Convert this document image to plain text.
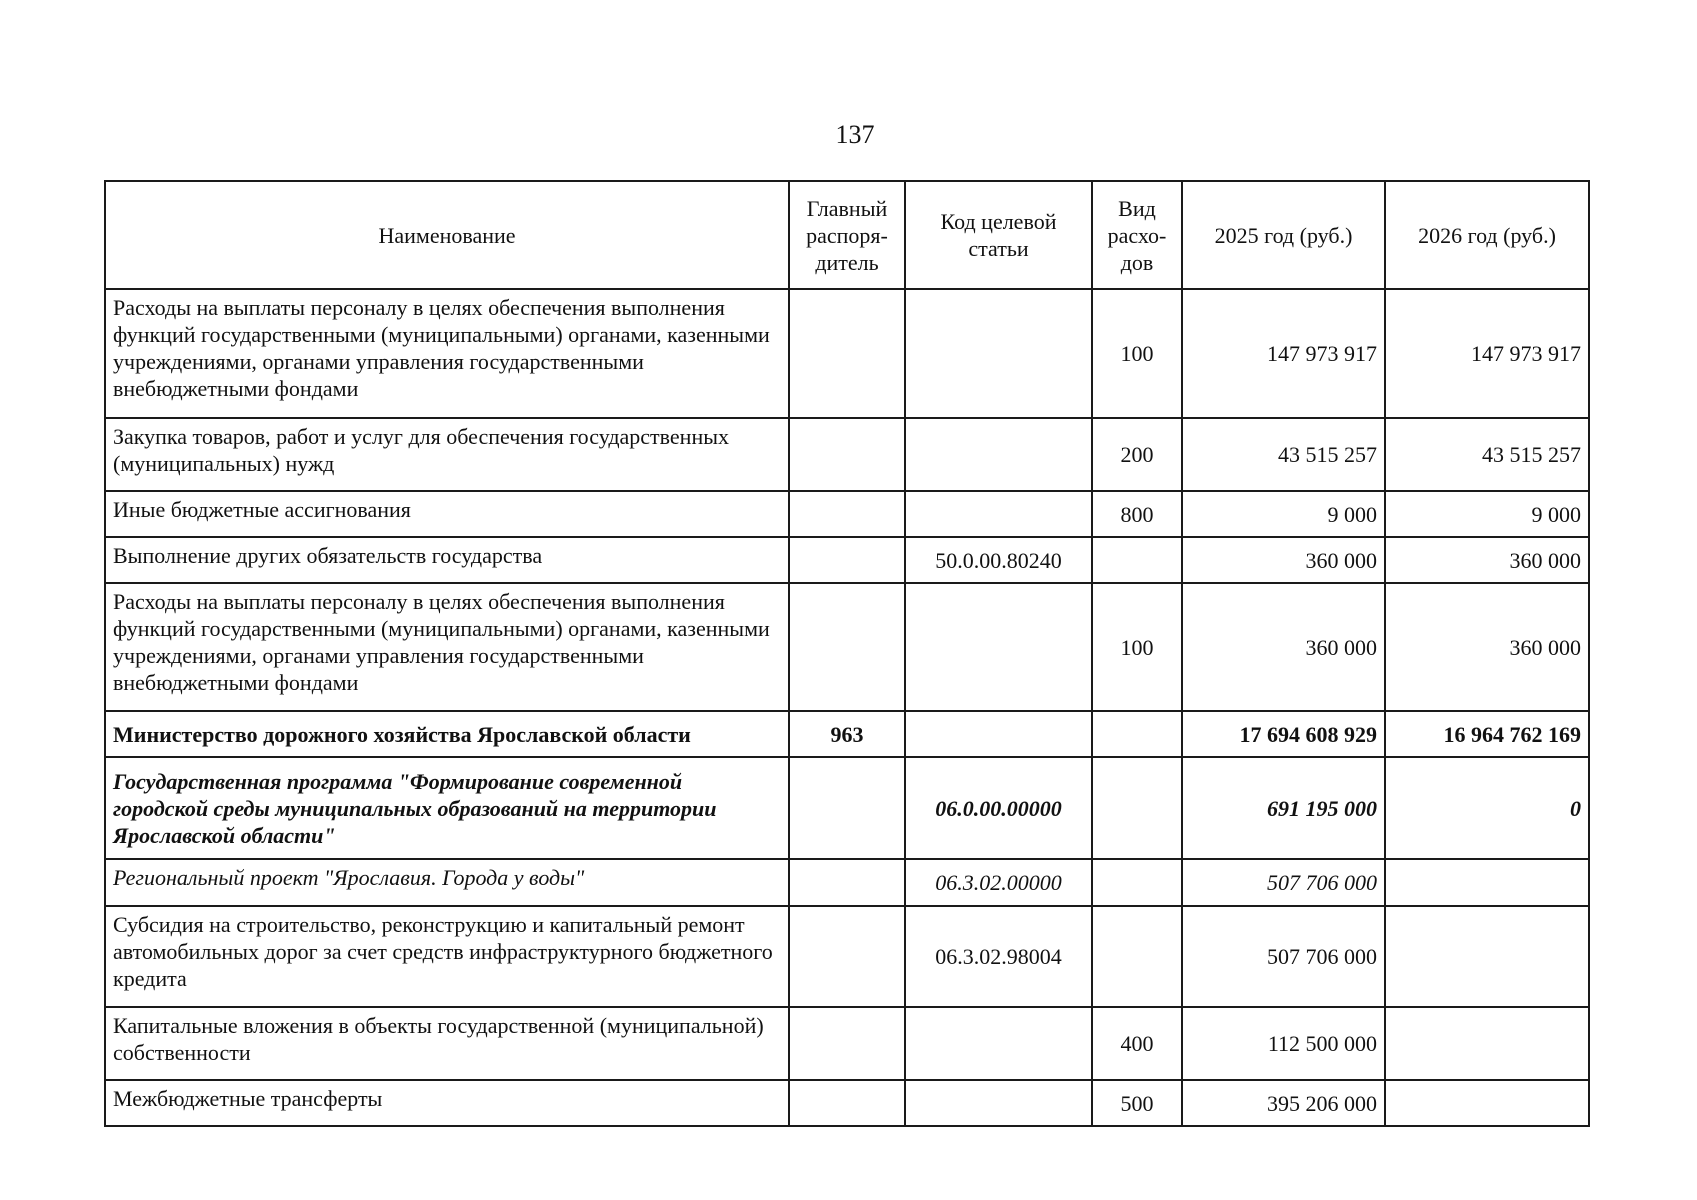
137
Наименование	Главный распоря-дитель	Код целевой статьи	Вид расхо-дов	2025 год (руб.)	2026 год (руб.)
Расходы на выплаты персоналу в целях обеспечения выполнения функций государственными (муниципальными) органами, казенными учреждениями, органами управления государственными внебюджетными фондами			100	147 973 917	147 973 917
Закупка товаров, работ и услуг для обеспечения государственных (муниципальных) нужд			200	43 515 257	43 515 257
Иные бюджетные ассигнования			800	9 000	9 000
Выполнение других обязательств государства		50.0.00.80240		360 000	360 000
Расходы на выплаты персоналу в целях обеспечения выполнения функций государственными (муниципальными) органами, казенными учреждениями, органами управления государственными внебюджетными фондами			100	360 000	360 000
Министерство дорожного хозяйства Ярославской области	963			17 694 608 929	16 964 762 169
Государственная программа "Формирование современной городской среды муниципальных образований на территории Ярославской области"		06.0.00.00000		691 195 000	0
Региональный проект "Ярославия. Города у воды"		06.3.02.00000		507 706 000	
Субсидия на строительство, реконструкцию и капитальный ремонт автомобильных дорог за счет средств инфраструктурного бюджетного кредита		06.3.02.98004		507 706 000	
Капитальные вложения в объекты государственной (муниципальной) собственности			400	112 500 000	
Межбюджетные трансферты			500	395 206 000	
